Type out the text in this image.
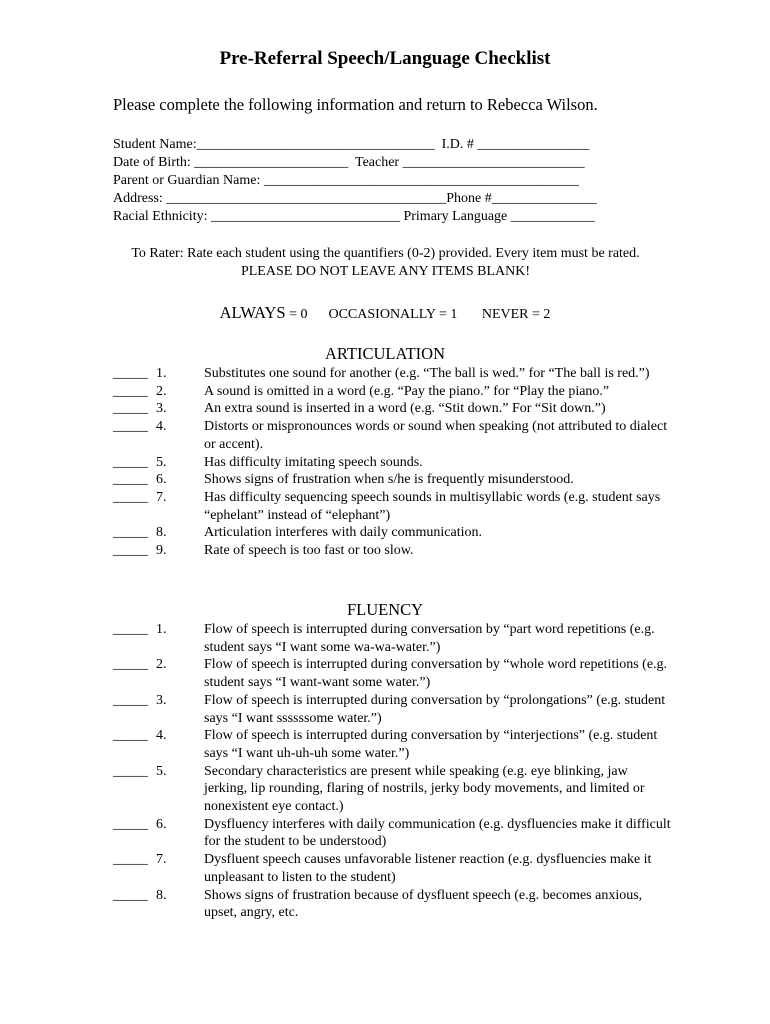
Pre-Referral Speech/Language Checklist
Please complete the following information and return to Rebecca Wilson.
Student Name:__________________________________  I.D. # ________________
Date of Birth: ______________________  Teacher __________________________
Parent or Guardian Name: _____________________________________________
Address: ________________________________________Phone #_______________
Racial Ethnicity: ___________________________ Primary Language ____________
To Rater: Rate each student using the quantifiers (0-2) provided. Every item must be rated. PLEASE DO NOT LEAVE ANY ITEMS BLANK!
ALWAYS = 0 OCCASIONALLY = 1 NEVER = 2
ARTICULATION
_____ 1.	Substitutes one sound for another (e.g. “The ball is wed.” for “The ball is red.”)
_____ 2.	A sound is omitted in a word (e.g. “Pay the piano.” for “Play the piano.”
_____ 3.	An extra sound is inserted in a word (e.g. “Stit down.” For “Sit down.”)
_____ 4.	Distorts or mispronounces words or sound when speaking (not attributed to dialect or accent).
_____ 5.	Has difficulty imitating speech sounds.
_____ 6.	Shows signs of frustration when s/he is frequently misunderstood.
_____ 7.	Has difficulty sequencing speech sounds in multisyllabic words (e.g. student says “ephelant” instead of “elephant”)
_____ 8.	Articulation interferes with daily communication.
_____ 9.	Rate of speech is too fast or too slow.
FLUENCY
_____ 1.	Flow of speech is interrupted during conversation by “part word repetitions (e.g. student says “I want some wa-wa-water.”)
_____ 2.	Flow of speech is interrupted during conversation by “whole word repetitions (e.g. student says “I want-want some water.”)
_____ 3.	Flow of speech is interrupted during conversation by “prolongations” (e.g. student says “I want ssssssome water.”)
_____ 4.	Flow of speech is interrupted during conversation by “interjections” (e.g. student says “I want uh-uh-uh some water.”)
_____ 5.	Secondary characteristics are present while speaking (e.g. eye blinking, jaw jerking, lip rounding, flaring of nostrils, jerky body movements, and limited or nonexistent eye contact.)
_____ 6.	Dysfluency interferes with daily communication (e.g. dysfluencies make it difficult for the student to be understood)
_____ 7.	Dysfluent speech causes unfavorable listener reaction (e.g. dysfluencies make it unpleasant to listen to the student)
_____ 8.	Shows signs of frustration because of dysfluent speech (e.g. becomes anxious, upset, angry, etc.
